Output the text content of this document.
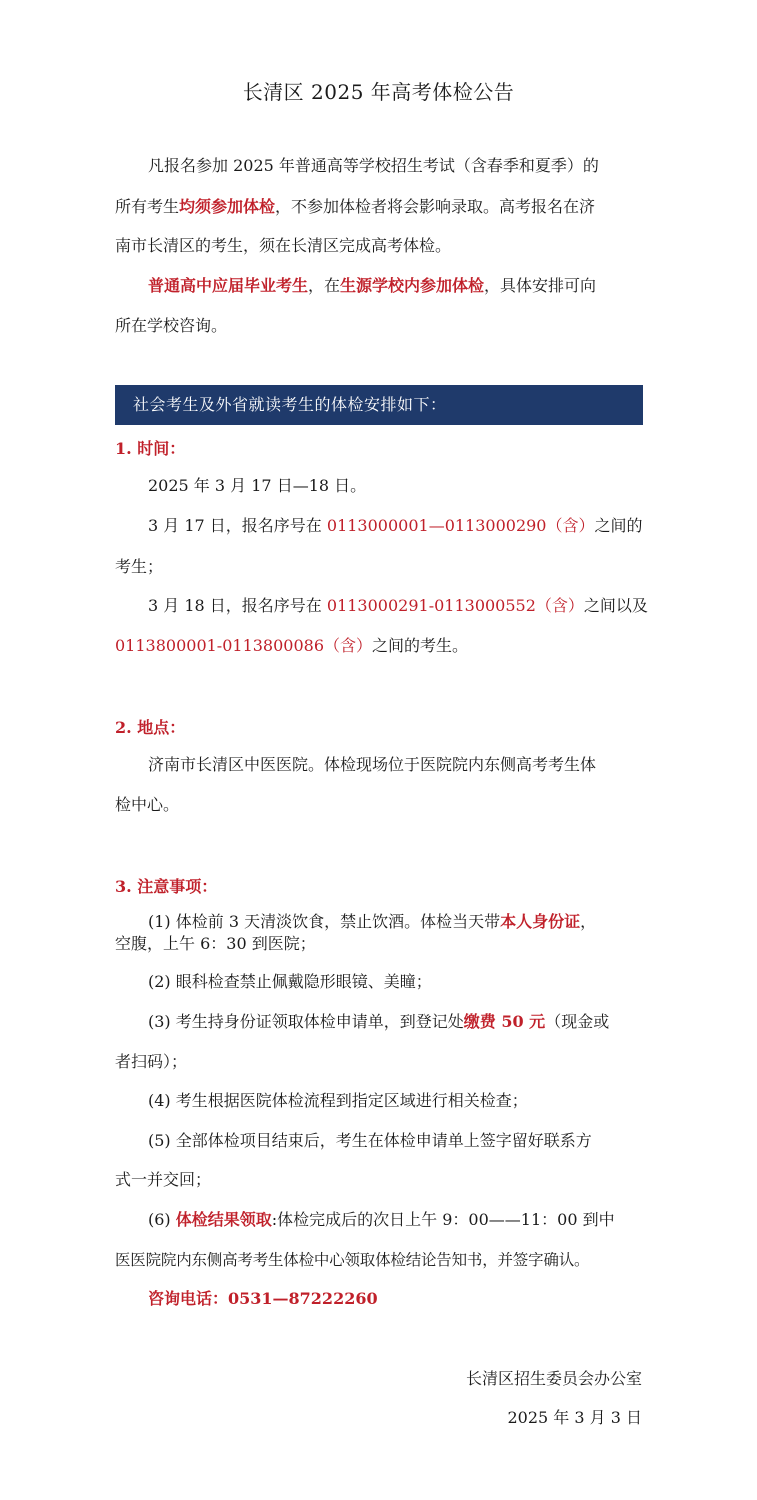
长清区 2025 年高考体检公告
凡报名参加 2025 年普通高等学校招生考试（含春季和夏季）的
所有考生均须参加体检，不参加体检者将会影响录取。高考报名在济
南市长清区的考生，须在长清区完成高考体检。
普通高中应届毕业考生，在生源学校内参加体检，具体安排可向
所在学校咨询。
社会考生及外省就读考生的体检安排如下：
1. 时间：
2025 年 3 月 17 日—18 日。
3 月 17 日，报名序号在 0113000001—0113000290（含）之间的
考生；
3 月 18 日，报名序号在 0113000291-0113000552（含）之间以及
0113800001-0113800086（含）之间的考生。
2. 地点：
济南市长清区中医医院。体检现场位于医院院内东侧高考考生体
检中心。
3. 注意事项：
(1) 体检前 3 天清淡饮食，禁止饮酒。体检当天带本人身份证，
空腹，上午 6：30 到医院；
(2) 眼科检查禁止佩戴隐形眼镜、美瞳；
(3) 考生持身份证领取体检申请单，到登记处缴费 50 元（现金或
者扫码）；
(4) 考生根据医院体检流程到指定区域进行相关检查；
(5) 全部体检项目结束后，考生在体检申请单上签字留好联系方
式一并交回；
(6) 体检结果领取:体检完成后的次日上午 9：00——11：00 到中
医医院院内东侧高考考生体检中心领取体检结论告知书，并签字确认。
咨询电话：0531—87222260
长清区招生委员会办公室
2025 年 3 月 3 日
